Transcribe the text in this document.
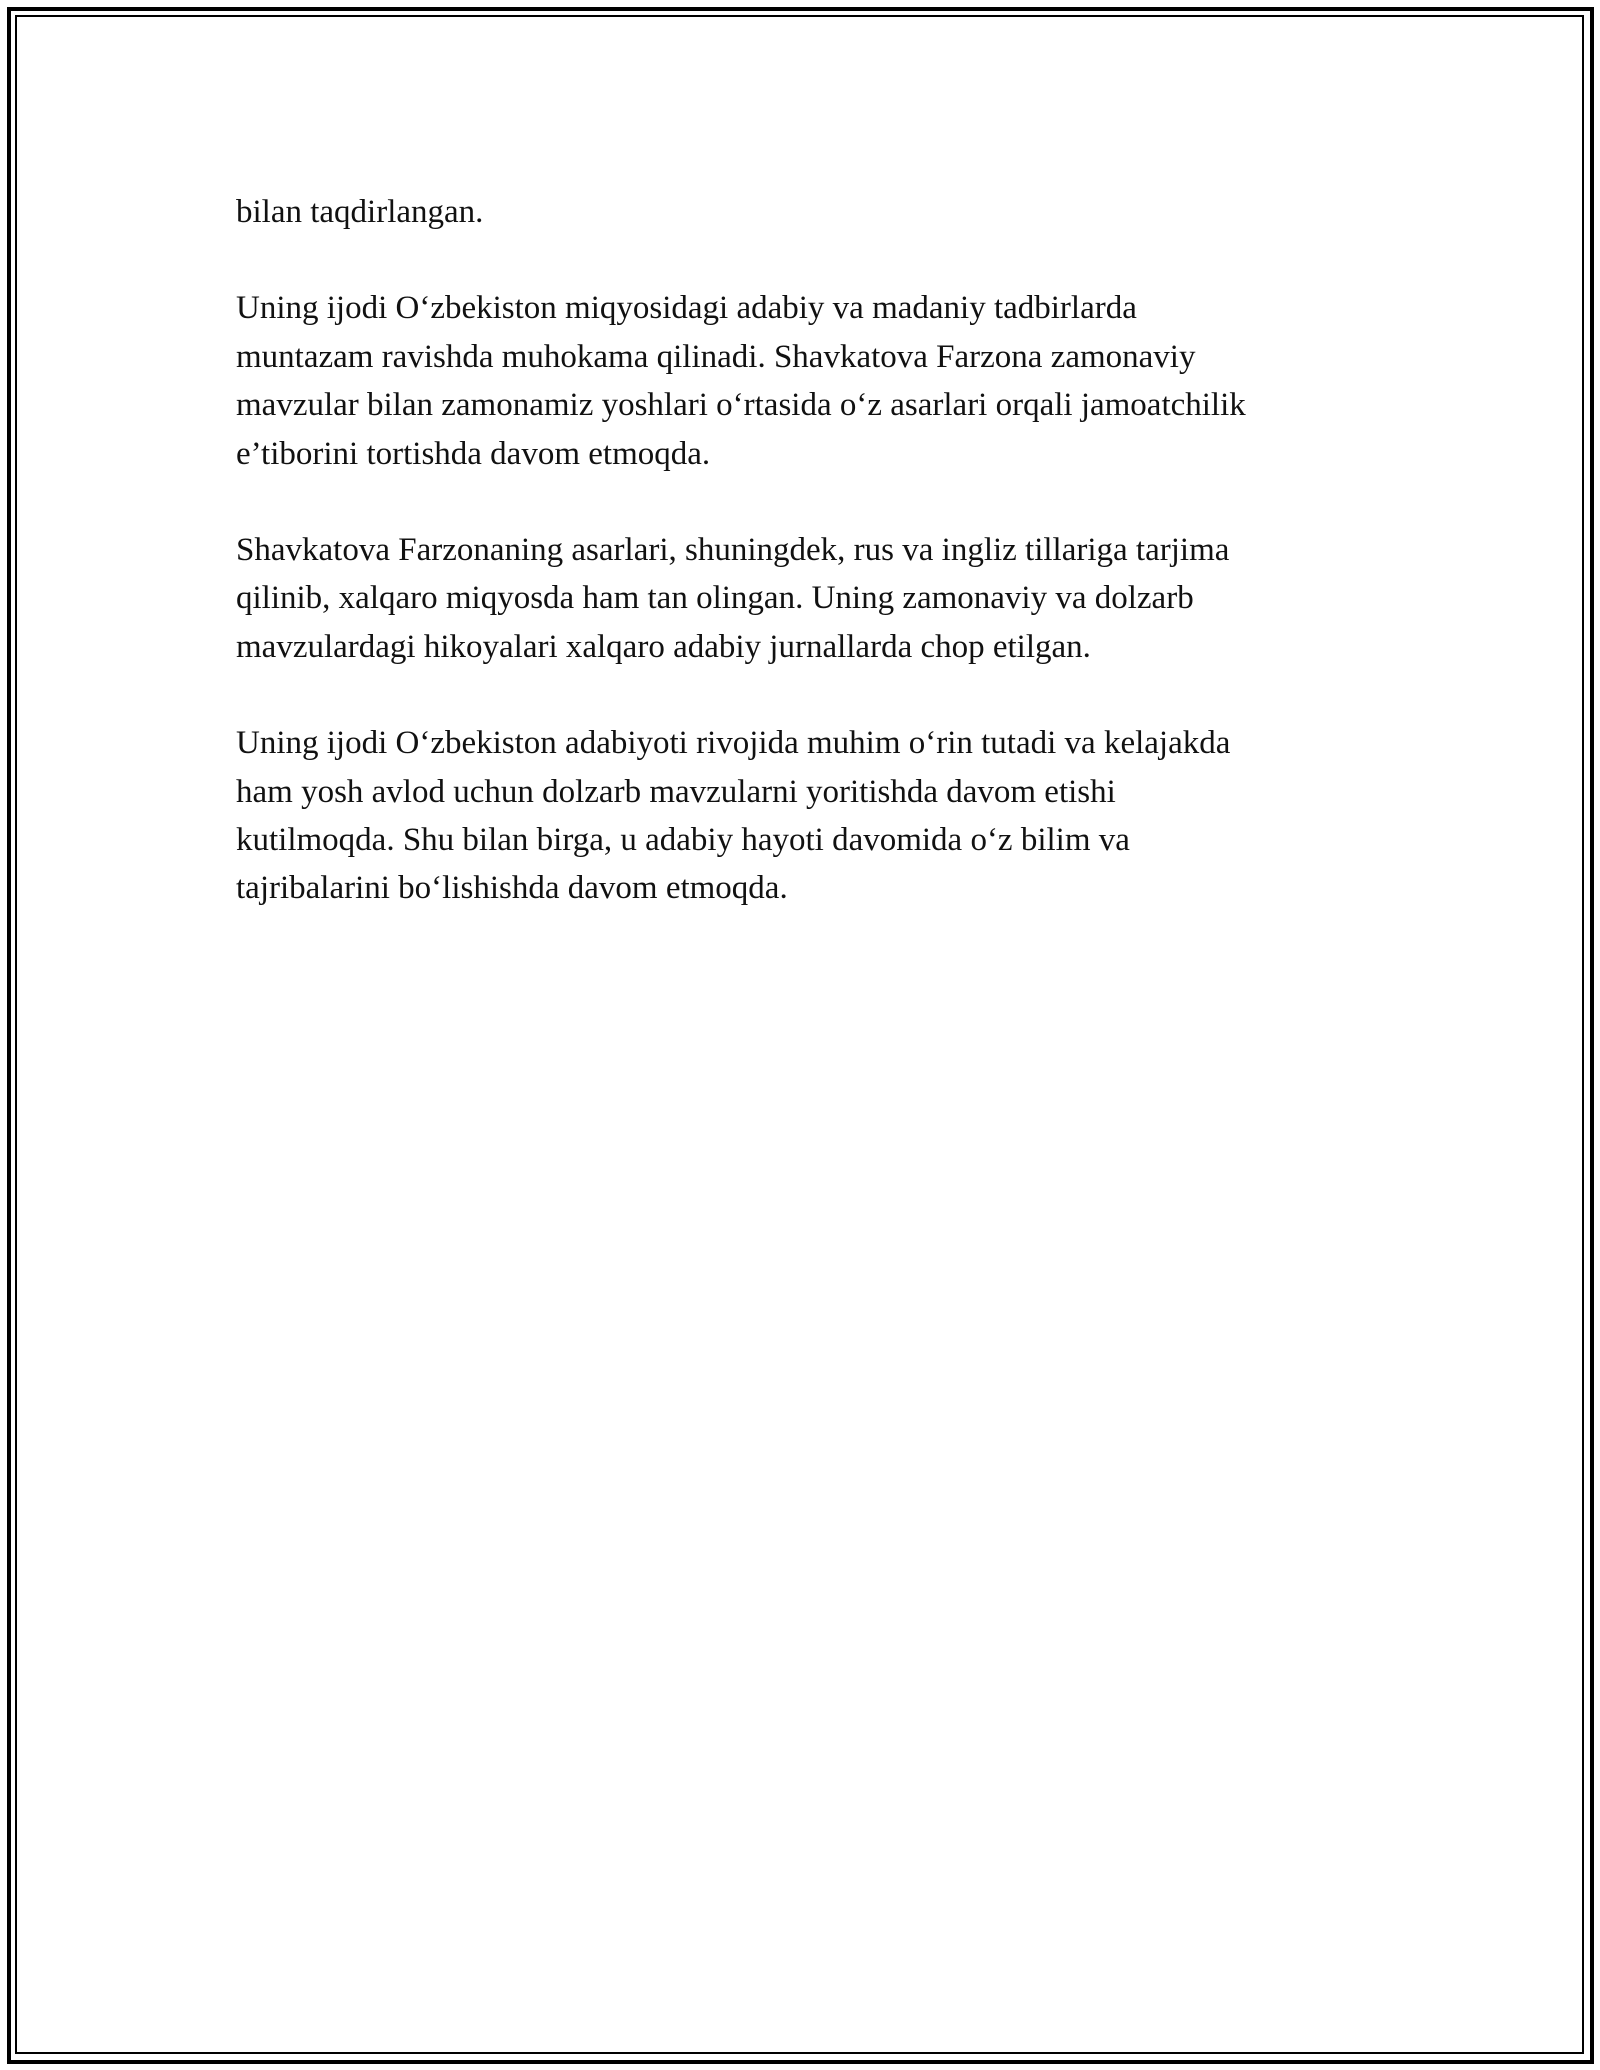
bilan taqdirlangan.

Uning ijodi O‘zbekiston miqyosidagi adabiy va madaniy tadbirlarda
muntazam ravishda muhokama qilinadi. Shavkatova Farzona zamonaviy
mavzular bilan zamonamiz yoshlari o‘rtasida o‘z asarlari orqali jamoatchilik
e’tiborini tortishda davom etmoqda.

Shavkatova Farzonaning asarlari, shuningdek, rus va ingliz tillariga tarjima
qilinib, xalqaro miqyosda ham tan olingan. Uning zamonaviy va dolzarb
mavzulardagi hikoyalari xalqaro adabiy jurnallarda chop etilgan.

Uning ijodi O‘zbekiston adabiyoti rivojida muhim o‘rin tutadi va kelajakda
ham yosh avlod uchun dolzarb mavzularni yoritishda davom etishi
kutilmoqda. Shu bilan birga, u adabiy hayoti davomida o‘z bilim va
tajribalarini bo‘lishishda davom etmoqda.
